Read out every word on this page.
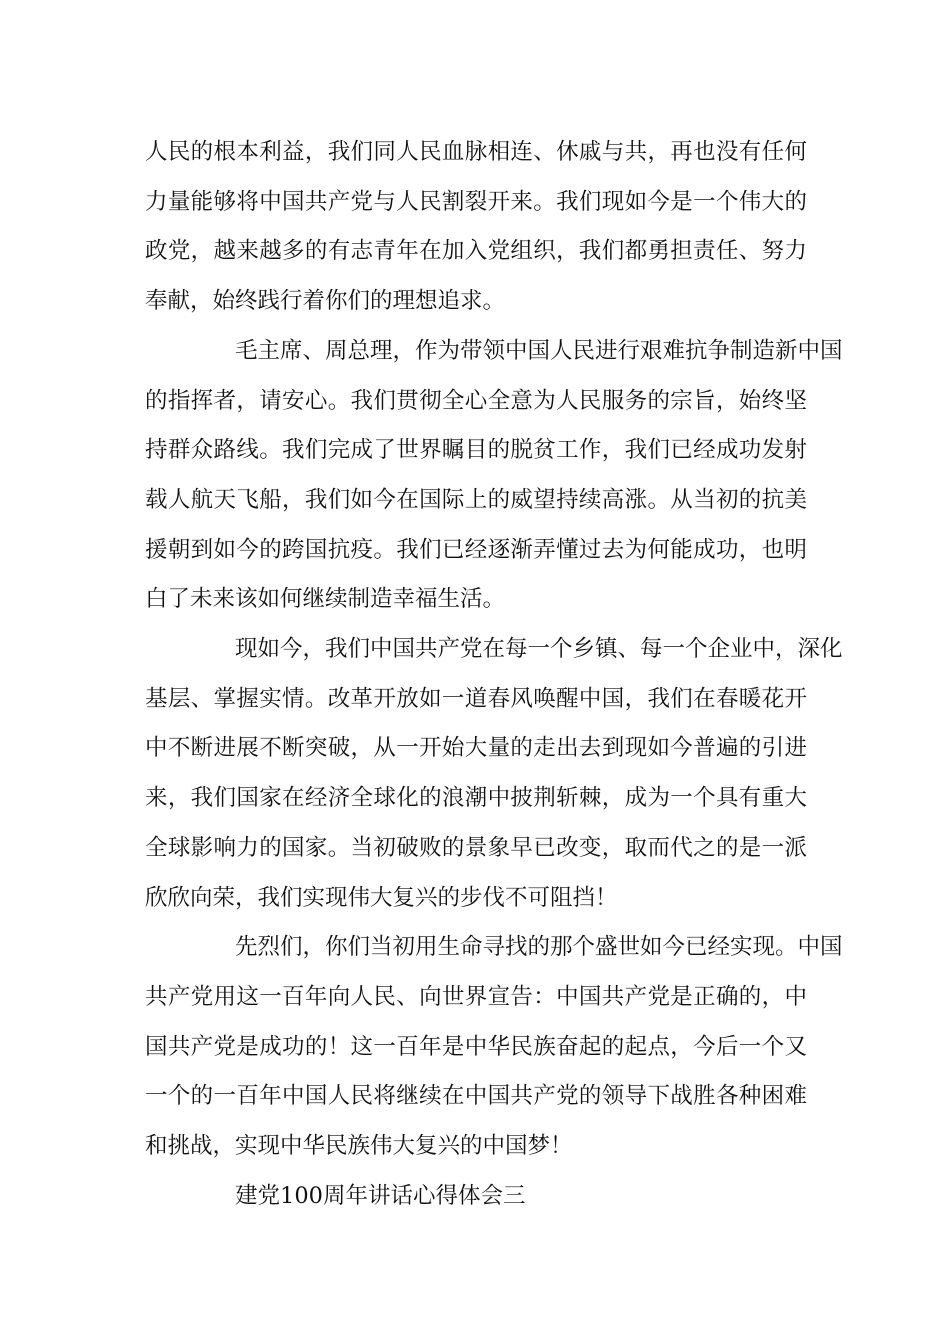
人民的根本利益，我们同人民血脉相连、休戚与共，再也没有任何
力量能够将中国共产党与人民割裂开来。我们现如今是一个伟大的
政党，越来越多的有志青年在加入党组织，我们都勇担责任、努力
奉献，始终践行着你们的理想追求。

毛主席、周总理，作为带领中国人民进行艰难抗争制造新中国
的指挥者，请安心。我们贯彻全心全意为人民服务的宗旨，始终坚
持群众路线。我们完成了世界瞩目的脱贫工作，我们已经成功发射
载人航天飞船，我们如今在国际上的威望持续高涨。从当初的抗美
援朝到如今的跨国抗疫。我们已经逐渐弄懂过去为何能成功，也明
白了未来该如何继续制造幸福生活。

现如今，我们中国共产党在每一个乡镇、每一个企业中，深化
基层、掌握实情。改革开放如一道春风唤醒中国，我们在春暖花开
中不断进展不断突破，从一开始大量的走出去到现如今普遍的引进
来，我们国家在经济全球化的浪潮中披荆斩棘，成为一个具有重大
全球影响力的国家。当初破败的景象早已改变，取而代之的是一派
欣欣向荣，我们实现伟大复兴的步伐不可阻挡！

先烈们，你们当初用生命寻找的那个盛世如今已经实现。中国
共产党用这一百年向人民、向世界宣告：中国共产党是正确的，中
国共产党是成功的！这一百年是中华民族奋起的起点，今后一个又
一个的一百年中国人民将继续在中国共产党的领导下战胜各种困难
和挑战，实现中华民族伟大复兴的中国梦！

建党100周年讲话心得体会三
